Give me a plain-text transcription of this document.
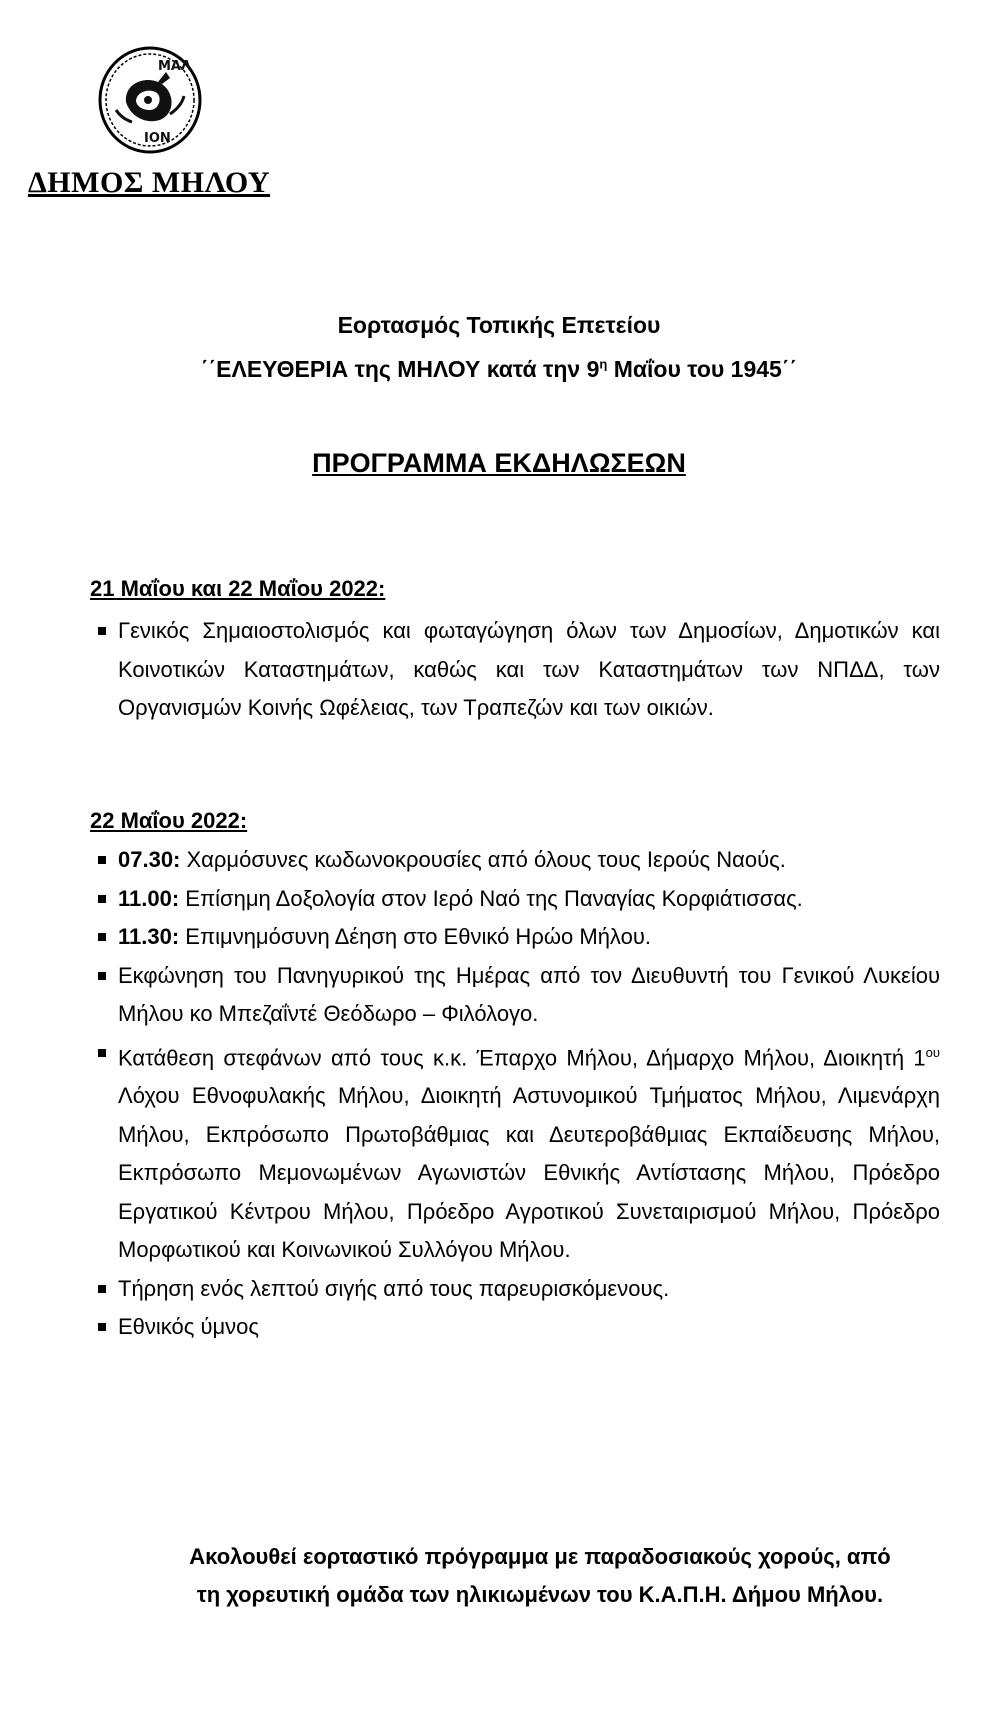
ΜΑΛ
ΙΟΝ
ΔΗΜΟΣ ΜΗΛΟΥ
Εορτασμός Τοπικής Επετείου
΄΄ΕΛΕΥΘΕΡΙΑ της ΜΗΛΟΥ κατά την $9^\eta$ Μαΐου του 1945΄΄
ΠΡΟΓΡΑΜΜΑ ΕΚΔΗΛΩΣΕΩΝ
21 Μαΐου και 22 Μαΐου 2022:
Γενικός Σημαιοστολισμός και φωταγώγηση όλων των Δημοσίων, Δημοτικών και Κοινοτικών Καταστημάτων, καθώς και των Καταστημάτων των ΝΠΔΔ, των Οργανισμών Κοινής Ωφέλειας, των Τραπεζών και των οικιών.
22 Μαΐου 2022:
07.30: Χαρμόσυνες κωδωνοκρουσίες από όλους τους Ιερούς Ναούς.
11.00: Επίσημη Δοξολογία στον Ιερό Ναό της Παναγίας Κορφιάτισσας.
11.30: Επιμνημόσυνη Δέηση στο Εθνικό Ηρώο Μήλου.
Εκφώνηση του Πανηγυρικού της Ημέρας από τον Διευθυντή του Γενικού Λυκείου Μήλου κο Μπεζαΐντέ Θεόδωρο – Φιλόλογο.
Κατάθεση στεφάνων από τους κ.κ. Έπαρχο Μήλου, Δήμαρχο Μήλου, Διοικητή $1^{o\upsilon}$ Λόχου Εθνοφυλακής Μήλου, Διοικητή Αστυνομικού Τμήματος Μήλου, Λιμενάρχη Μήλου, Εκπρόσωπο Πρωτοβάθμιας και Δευτεροβάθμιας Εκπαίδευσης Μήλου, Εκπρόσωπο Μεμονωμένων Αγωνιστών Εθνικής Αντίστασης Μήλου, Πρόεδρο Εργατικού Κέντρου Μήλου, Πρόεδρο Αγροτικού Συνεταιρισμού Μήλου, Πρόεδρο Μορφωτικού και Κοινωνικού Συλλόγου Μήλου.
Τήρηση ενός λεπτού σιγής από τους παρευρισκόμενους.
Εθνικός ύμνος
Ακολουθεί εορταστικό πρόγραμμα με παραδοσιακούς χορούς, από
τη χορευτική ομάδα των ηλικιωμένων του Κ.Α.Π.Η. Δήμου Μήλου.
